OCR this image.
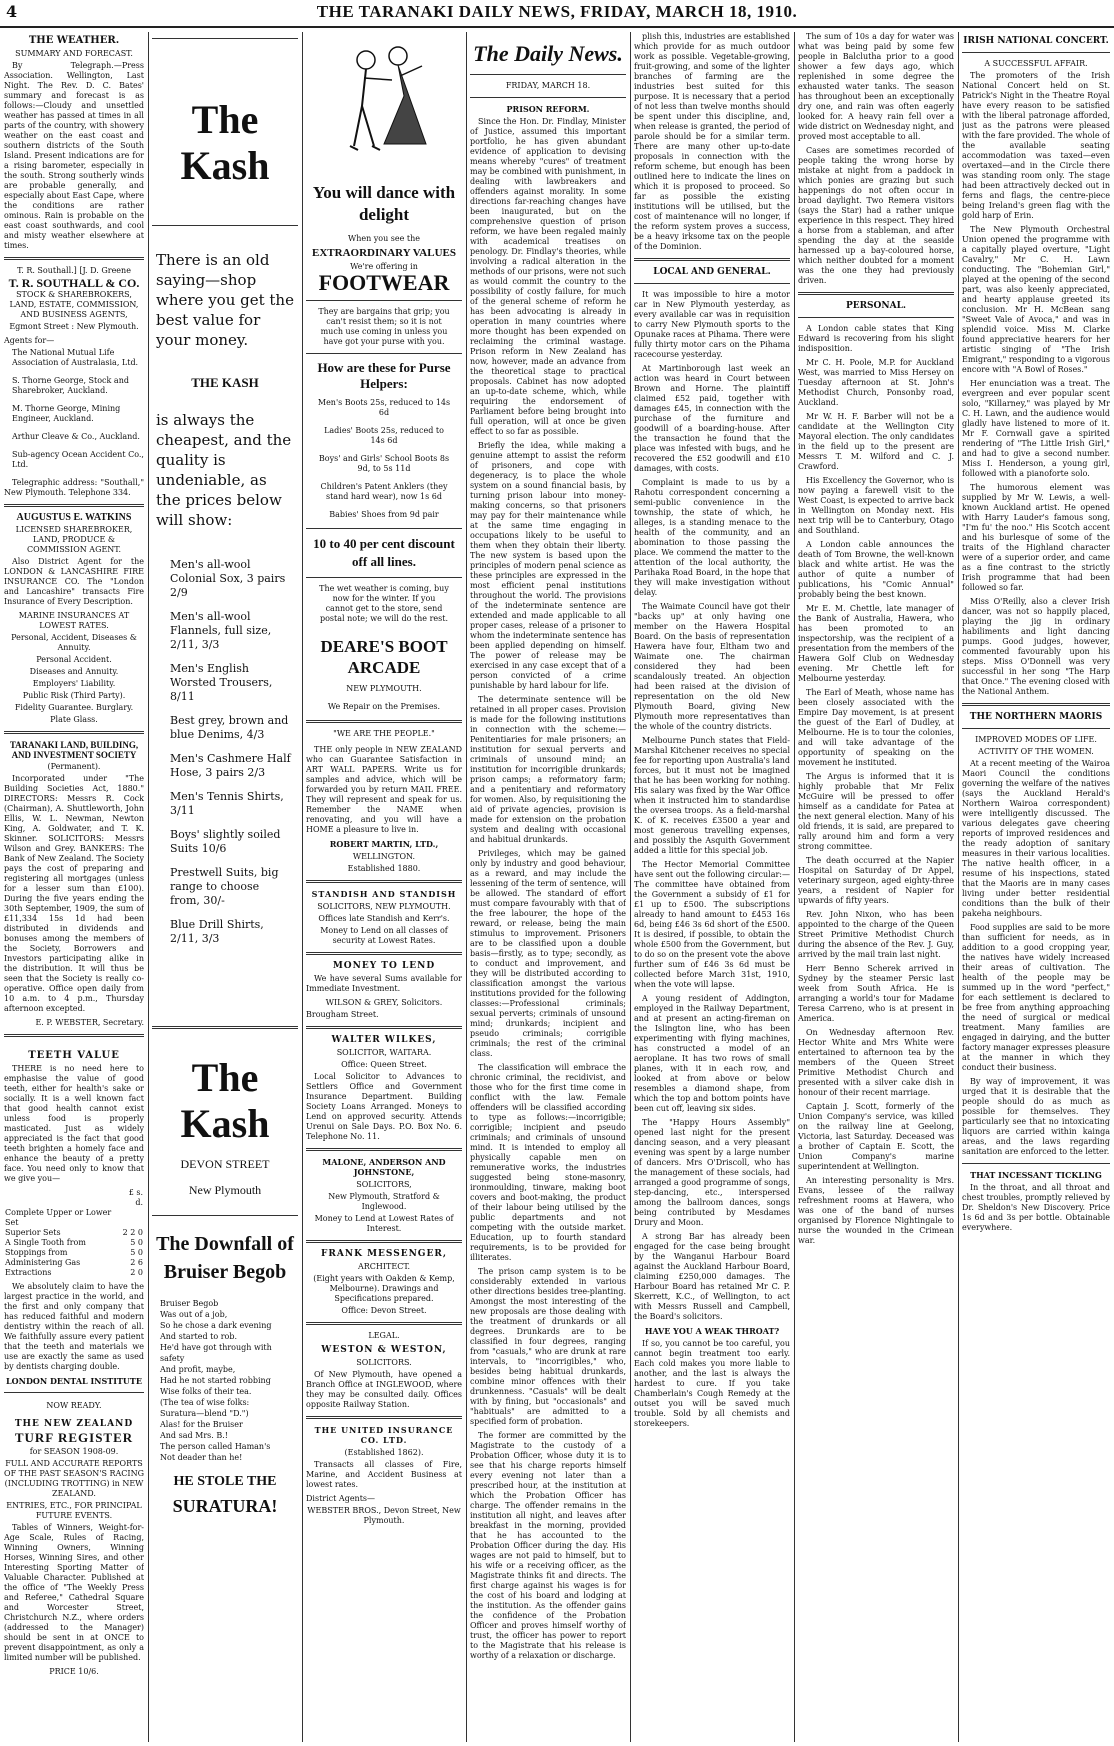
4	THE TARANAKI DAILY NEWS, FRIDAY, MARCH 18, 1910.
THE WEATHER.
SUMMARY AND FORECAST.

By Telegraph.—Press Association. Wellington, Last Night. The Rev. D. C. Bates' summary and forecast is as follows:—Cloudy and unsettled weather has passed at times in all parts of the country, with showery weather on the east coast and southern districts of the South Island. Present indications are for a rising barometer, especially in the south. Strong southerly winds are probable generally, and especially about East Cape, where the conditions are rather ominous. Rain is probable on the east coast southwards, and cool and misty weather elsewhere at times.

T. R. Southall.] [J. D. Greene
T. R. SOUTHALL & CO.
STOCK & SHAREBROKERS, LAND, ESTATE, COMMISSION, AND BUSINESS AGENTS,
Egmont Street : New Plymouth.
Agents for—
The National Mutual Life Association of Australasia, Ltd.
S. Thorne George, Stock and Sharebroker, Auckland.
M. Thorne George, Mining Engineer, Auckland.
Arthur Cleave & Co., Auckland.
Sub-agency Ocean Accident Co., Ltd.

Telegraphic address: "Southall," New Plymouth. Telephone 334.

AUGUSTUS E. WATKINS
LICENSED SHAREBROKER, LAND, PRODUCE & COMMISSION AGENT.

Also District Agent for the LONDON & LANCASHIRE FIRE INSURANCE CO. The "London and Lancashire" transacts Fire Insurance of Every Description.

MARINE INSURANCES AT LOWEST RATES.
Personal, Accident, Diseases & Annuity.
Personal Accident.
Diseases and Annuity.
Employers' Liability.
Public Risk (Third Party).
Fidelity Guarantee. Burglary.
Plate Glass.
TARANAKI LAND, BUILDING, AND INVESTMENT SOCIETY
(Permanent).

Incorporated under "The Building Societies Act, 1880." DIRECTORS: Messrs R. Cock (Chairman), A. Shuttleworth, John Ellis, W. L. Newman, Newton King, A. Goldwater, and T. K. Skinner. SOLICITORS: Messrs Wilson and Grey. BANKERS: The Bank of New Zealand. The Society pays the cost of preparing and registering all mortgages (unless for a lesser sum than £100). During the five years ending the 30th September, 1909, the sum of £11,334 15s 1d had been distributed in dividends and bonuses among the members of the Society, Borrowers and Investors participating alike in the distribution. It will thus be seen that the Society is really co-operative. Office open daily from 10 a.m. to 4 p.m., Thursday afternoon excepted.

E. P. WEBSTER, Secretary.
TEETH VALUE

THERE is no need here to emphasise the value of good teeth, either for health's sake or socially. It is a well known fact that good health cannot exist unless food is properly masticated. Just as widely appreciated is the fact that good teeth brighten a homely face and enhance the beauty of a pretty face. You need only to know that we give you—

	£ s. d.
Complete Upper or Lower Set	
Superior Sets	2 2 0
A Single Tooth from	5 0
Stoppings from	5 0
Administering Gas	2 6
Extractions	2 0

We absolutely claim to have the largest practice in the world, and the first and only company that has reduced faithful and modern dentistry within the reach of all. We faithfully assure every patient that the teeth and materials we use are exactly the same as used by dentists charging double.

LONDON DENTAL INSTITUTE
NOW READY.
THE NEW ZEALAND
TURF REGISTER
for SEASON 1908-09.
FULL AND ACCURATE REPORTS OF THE PAST SEASON'S RACING (INCLUDING TROTTING) in NEW ZEALAND.
ENTRIES, ETC., FOR PRINCIPAL FUTURE EVENTS.

Tables of Winners, Weight-for-Age Scale, Rules of Racing, Winning Owners, Winning Horses, Winning Sires, and other Interesting Sporting Matter of Valuable Character. Published at the office of "The Weekly Press and Referee," Cathedral Square and Worcester Street, Christchurch N.Z., where orders (addressed to the Manager) should be sent in at ONCE to prevent disappointment, as only a limited number will be published.

PRICE 10/6.
The Kash
There is an old saying—shop where you get the best value for your money.
THE KASH
is always the cheapest, and the quality is undeniable, as the prices below will show:
Men's all-wool Colonial Sox, 3 pairs 2/9
Men's all-wool Flannels, full size, 2/11, 3/3
Men's English Worsted Trousers, 8/11
Best grey, brown and blue Denims, 4/3
Men's Cashmere Half Hose, 3 pairs 2/3
Men's Tennis Shirts, 3/11
Boys' slightly soiled Suits 10/6
Prestwell Suits, big range to choose from, 30/-
Blue Drill Shirts, 2/11, 3/3
The Kash
DEVON STREET
New Plymouth
The Downfall of Bruiser Begob
Bruiser Begob
Was out of a job,
So he chose a dark evening
And started to rob.
He'd have got through with safety
And profit, maybe,
Had he not started robbing
Wise folks of their tea.
(The tea of wise folks:
Suratura—blend "D.")
Alas! for the Bruiser
And sad Mrs. B.!
The person called Haman's
Not deader than he!
HE STOLE THE
SURATURA!
You will dance with delight
When you see the
EXTRAORDINARY VALUES
We're offering in
FOOTWEAR
They are bargains that grip; you can't resist them; so it is not much use coming in unless you have got your purse with you.
How are these for Purse Helpers:
Men's Boots 25s, reduced to 14s 6d
Ladies' Boots 25s, reduced to 14s 6d
Boys' and Girls' School Boots 8s 9d, to 5s 11d
Children's Patent Anklers (they stand hard wear), now 1s 6d
Babies' Shoes from 9d pair
10 to 40 per cent discount off all lines.
The wet weather is coming, buy now for the winter. If you cannot get to the store, send postal note; we will do the rest.
DEARE'S BOOT ARCADE
NEW PLYMOUTH.
We Repair on the Premises.
"WE ARE THE PEOPLE."

THE only people in NEW ZEALAND who can Guarantee Satisfaction in ART WALL PAPERS. Write us for samples and advice, which will be forwarded you by return MAIL FREE. They will represent and speak for us. Remember the NAME when renovating, and you will have a HOME a pleasure to live in.

ROBERT MARTIN, LTD.,
WELLINGTON.
Established 1880.
STANDISH AND STANDISH
SOLICITORS, NEW PLYMOUTH.
Offices late Standish and Kerr's.
Money to Lend on all classes of security at Lowest Rates.
MONEY TO LEND

We have several Sums available for Immediate Investment.

WILSON & GREY, Solicitors.
Brougham Street.
WALTER WILKES,
SOLICITOR, WAITARA.
Office: Queen Street.

Local Solicitor to Advances to Settlers Office and Government Insurance Department. Building Society Loans Arranged. Moneys to Lend on approved security. Attends Urenui on Sale Days. P.O. Box No. 6. Telephone No. 11.

MALONE, ANDERSON AND JOHNSTONE,
SOLICITORS,
New Plymouth, Stratford & Inglewood.
Money to Lend at Lowest Rates of Interest.
FRANK MESSENGER,
ARCHITECT.
(Eight years with Oakden & Kemp, Melbourne). Drawings and Specifications prepared.
Office: Devon Street.
LEGAL.
WESTON & WESTON,
SOLICITORS.

Of New Plymouth, have opened a Branch Office at INGLEWOOD, where they may be consulted daily. Offices opposite Railway Station.

THE UNITED INSURANCE CO. LTD.
(Established 1862).

Transacts all classes of Fire, Marine, and Accident Business at lowest rates.

District Agents—
WEBSTER BROS., Devon Street, New Plymouth.
The Daily News.
FRIDAY, MARCH 18.
PRISON REFORM.

Since the Hon. Dr. Findlay, Minister of Justice, assumed this important portfolio, he has given abundant evidence of application to devising means whereby "cures" of treatment may be combined with punishment, in dealing with lawbreakers and offenders against morality. In some directions far-reaching changes have been inaugurated, but on the comprehensive question of prison reform, we have been regaled mainly with academical treatises on penology. Dr. Findlay's theories, while involving a radical alteration in the methods of our prisons, were not such as would commit the country to the possibility of costly failure, for much of the general scheme of reform he has been advocating is already in operation in many countries where more thought has been expended on reclaiming the criminal wastage. Prison reform in New Zealand has now, however, made an advance from the theoretical stage to practical proposals. Cabinet has now adopted an up-to-date scheme, which, while requiring the endorsement of Parliament before being brought into full operation, will at once be given effect to so far as possible.

Briefly the idea, while making a genuine attempt to assist the reform of prisoners, and cope with degeneracy, is to place the whole system on a sound financial basis, by turning prison labour into money-making concerns, so that prisoners may pay for their maintenance while at the same time engaging in occupations likely to be useful to them when they obtain their liberty. The new system is based upon the principles of modern penal science as these principles are expressed in the most efficient penal institutions throughout the world. The provisions of the indeterminate sentence are extended and made applicable to all proper cases, release of a prisoner to whom the indeterminate sentence has been applied depending on himself. The power of release may be exercised in any case except that of a person convicted of a crime punishable by hard labour for life.

The determinate sentence will be retained in all proper cases. Provision is made for the following institutions in connection with the scheme:—Penitentiaries for male prisoners; an institution for sexual perverts and criminals of unsound mind; an institution for incorrigible drunkards; prison camps; a reformatory farm; and a penitentiary and reformatory for women. Also, by requisitioning the aid of private agencies, provision is made for extension on the probation system and dealing with occasional and habitual drunkards.

Privileges, which may be gained only by industry and good behaviour, as a reward, and may include the lessening of the term of sentence, will be allowed. The standard of effort must compare favourably with that of the free labourer, the hope of the reward, or release, being the main stimulus to improvement. Prisoners are to be classified upon a double basis—firstly, as to type; secondly, as to conduct and improvement, and they will be distributed according to classification amongst the various institutions provided for the following classes:—Professional criminals; sexual perverts; criminals of unsound mind; drunkards; incipient and pseudo criminals; corrigible criminals; the rest of the criminal class.

The classification will embrace the chronic criminal, the recidivist, and those who for the first time come in conflict with the law. Female offenders will be classified according to type as follows:—incorrigible; corrigible; incipient and pseudo criminals; and criminals of unsound mind. It is intended to employ all physically capable men on remunerative works, the industries suggested being stone-masonry, ironmoulding, tinware, making boot covers and boot-making, the product of their labour being utilised by the public departments and not competing with the outside market. Education, up to fourth standard requirements, is to be provided for illiterates.

The prison camp system is to be considerably extended in various other directions besides tree-planting. Amongst the most interesting of the new proposals are those dealing with the treatment of drunkards or all degrees. Drunkards are to be classified in four degrees, ranging from "casuals," who are drunk at rare intervals, to "incorrigibles," who, besides being habitual drunkards, combine minor offences with their drunkenness. "Casuals" will be dealt with by fining, but "occasionals" and "habituals" are admitted to a specified form of probation.

The former are committed by the Magistrate to the custody of a Probation Officer, whose duty it is to see that his charge reports himself every evening not later than a prescribed hour, at the institution at which the Probation Officer has charge. The offender remains in the institution all night, and leaves after breakfast in the morning, provided that he has accounted to the Probation Officer during the day. His wages are not paid to himself, but to his wife or a receiving officer, as the Magistrate thinks fit and directs. The first charge against his wages is for the cost of his board and lodging at the institution. As the offender gains the confidence of the Probation Officer and proves himself worthy of trust, the officer has power to report to the Magistrate that his release is worthy of a relaxation or discharge.

plish this, industries are established which provide for as much outdoor work as possible. Vegetable-growing, fruit-growing, and some of the lighter branches of farming are the industries best suited for this purpose. It is necessary that a period of not less than twelve months should be spent under this discipline, and, when release is granted, the period of parole should be for a similar term. There are many other up-to-date proposals in connection with the reform scheme, but enough has been outlined here to indicate the lines on which it is proposed to proceed. So far as possible the existing institutions will be utilised, but the cost of maintenance will no longer, if the reform system proves a success, be a heavy irksome tax on the people of the Dominion.

LOCAL AND GENERAL.

It was impossible to hire a motor car in New Plymouth yesterday, as every available car was in requisition to carry New Plymouth sports to the Opunake races at Pihama. There were fully thirty motor cars on the Pihama racecourse yesterday.

At Martinborough last week an action was heard in Court between Brown and Horne. The plaintiff claimed £52 paid, together with damages £45, in connection with the purchase of the furniture and goodwill of a boarding-house. After the transaction he found that the place was infested with bugs, and he recovered the £52 goodwill and £10 damages, with costs.

Complaint is made to us by a Rahotu correspondent concerning a semi-public convenience in the township, the state of which, he alleges, is a standing menace to the health of the community, and an abomination to those passing the place. We commend the matter to the attention of the local authority, the Parihaka Road Board, in the hope that they will make investigation without delay.

The Waimate Council have got their "backs up" at only having one member on the Hawera Hospital Board. On the basis of representation Hawera have four, Eltham two and Waimate one. The chairman considered they had been scandalously treated. An objection had been raised at the division of representation on the old New Plymouth Board, giving New Plymouth more representatives than the whole of the country districts.

Melbourne Punch states that Field-Marshal Kitchener receives no special fee for reporting upon Australia's land forces, but it must not be imagined that he has been working for nothing. His salary was fixed by the War Office when it instructed him to standardise the oversea troops. As a field-marshal K. of K. receives £3500 a year and most generous travelling expenses, and possibly the Asquith Government added a little for this special job.

The Hector Memorial Committee have sent out the following circular:—The committee have obtained from the Government a subsidy of £1 for £1 up to £500. The subscriptions already to hand amount to £453 16s 6d, being £46 3s 6d short of the £500. It is desired, if possible, to obtain the whole £500 from the Government, but to do so on the present vote the above further sum of £46 3s 6d must be collected before March 31st, 1910, when the vote will lapse.

A young resident of Addington, employed in the Railway Department, and at present an acting-fireman on the Islington line, who has been experimenting with flying machines, has constructed a model of an aeroplane. It has two rows of small planes, with it in each row, and looked at from above or below resembles a diamond shape, from which the top and bottom points have been cut off, leaving six sides.

The "Happy Hours Assembly" opened last night for the present dancing season, and a very pleasant evening was spent by a large number of dancers. Mrs O'Driscoll, who has the management of these socials, had arranged a good programme of songs, step-dancing, etc., interspersed among the ballroom dances, songs being contributed by Mesdames Drury and Moon.

A strong Bar has already been engaged for the case being brought by the Wanganui Harbour Board against the Auckland Harbour Board, claiming £250,000 damages. The Harbour Board has retained Mr C. P. Skerrett, K.C., of Wellington, to act with Messrs Russell and Campbell, the Board's solicitors.

HAVE YOU A WEAK THROAT?

If so, you cannot be too careful, you cannot begin treatment too early. Each cold makes you more liable to another, and the last is always the hardest to cure. If you take Chamberlain's Cough Remedy at the outset you will be saved much trouble. Sold by all chemists and storekeepers.

The sum of 10s a day for water was what was being paid by some few people in Balclutha prior to a good shower a few days ago, which replenished in some degree the exhausted water tanks. The season has throughout been an exceptionally dry one, and rain was often eagerly looked for. A heavy rain fell over a wide district on Wednesday night, and proved most acceptable to all.

Cases are sometimes recorded of people taking the wrong horse by mistake at night from a paddock in which ponies are grazing but such happenings do not often occur in broad daylight. Two Remera visitors (says the Star) had a rather unique experience in this respect. They hired a horse from a stableman, and after spending the day at the seaside harnessed up a bay-coloured horse, which neither doubted for a moment was the one they had previously driven.

PERSONAL.

A London cable states that King Edward is recovering from his slight indisposition.

Mr C. H. Poole, M.P. for Auckland West, was married to Miss Hersey on Tuesday afternoon at St. John's Methodist Church, Ponsonby road, Auckland.

Mr W. H. F. Barber will not be a candidate at the Wellington City Mayoral election. The only candidates in the field up to the present are Messrs T. M. Wilford and C. J. Crawford.

His Excellency the Governor, who is now paying a farewell visit to the West Coast, is expected to arrive back in Wellington on Monday next. His next trip will be to Canterbury, Otago and Southland.

A London cable announces the death of Tom Browne, the well-known black and white artist. He was the author of quite a number of publications, his "Comic Annual" probably being the best known.

Mr E. M. Chettle, late manager of the Bank of Australia, Hawera, who has been promoted to an inspectorship, was the recipient of a presentation from the members of the Hawera Golf Club on Wednesday evening. Mr Chettle left for Melbourne yesterday.

The Earl of Meath, whose name has been closely associated with the Empire Day movement, is at present the guest of the Earl of Dudley, at Melbourne. He is to tour the colonies, and will take advantage of the opportunity of speaking on the movement he instituted.

The Argus is informed that it is highly probable that Mr Felix McGuire will be pressed to offer himself as a candidate for Patea at the next general election. Many of his old friends, it is said, are prepared to rally around him and form a very strong committee.

The death occurred at the Napier Hospital on Saturday of Dr Appel, veterinary surgeon, aged eighty-three years, a resident of Napier for upwards of fifty years.

Rev. John Nixon, who has been appointed to the charge of the Queen Street Primitive Methodist Church during the absence of the Rev. J. Guy, arrived by the mail train last night.

Herr Benno Scherek arrived in Sydney by the steamer Persic last week from South Africa. He is arranging a world's tour for Madame Teresa Carreno, who is at present in America.

On Wednesday afternoon Rev. Hector White and Mrs White were entertained to afternoon tea by the members of the Queen Street Primitive Methodist Church and presented with a silver cake dish in honour of their recent marriage.

Captain J. Scott, formerly of the Union Company's service, was killed on the railway line at Geelong, Victoria, last Saturday. Deceased was a brother of Captain E. Scott, the Union Company's marine superintendent at Wellington.

An interesting personality is Mrs. Evans, lessee of the railway refreshment rooms at Hawera, who was one of the band of nurses organised by Florence Nightingale to nurse the wounded in the Crimean war.

IRISH NATIONAL CONCERT.
A SUCCESSFUL AFFAIR.

The promoters of the Irish National Concert held on St. Patrick's Night in the Theatre Royal have every reason to be satisfied with the liberal patronage afforded, just as the patrons were pleased with the fare provided. The whole of the available seating accommodation was taxed—even overtaxed—and in the Circle there was standing room only. The stage had been attractively decked out in ferns and flags, the centre-piece being Ireland's green flag with the gold harp of Erin.

The New Plymouth Orchestral Union opened the programme with a capitally played overture, "Light Cavalry," Mr C. H. Lawn conducting. The "Bohemian Girl," played at the opening of the second part, was also keenly appreciated, and hearty applause greeted its conclusion. Mr H. McBean sang "Sweet Vale of Avoca," and was in splendid voice. Miss M. Clarke found appreciative hearers for her artistic singing of "The Irish Emigrant," responding to a vigorous encore with "A Bowl of Roses."

Her enunciation was a treat. The evergreen and ever popular scent solo, "Killarney," was played by Mr C. H. Lawn, and the audience would gladly have listened to more of it. Mr F. Cornwall gave a spirited rendering of "The Little Irish Girl," and had to give a second number. Miss I. Henderson, a young girl, followed with a pianoforte solo.

The humorous element was supplied by Mr W. Lewis, a well-known Auckland artist. He opened with Harry Lauder's famous song, "I'm fu' the noo." His Scotch accent and his burlesque of some of the traits of the Highland character were of a superior order, and came as a fine contrast to the strictly Irish programme that had been followed so far.

Miss O'Reilly, also a clever Irish dancer, was not so happily placed, playing the jig in ordinary habiliments and light dancing pumps. Good judges, however, commented favourably upon his steps. Miss O'Donnell was very successful in her song "The Harp that Once." The evening closed with the National Anthem.

THE NORTHERN MAORIS
IMPROVED MODES OF LIFE.
ACTIVITY OF THE WOMEN.

At a recent meeting of the Wairoa Maori Council the conditions governing the welfare of the natives (says the Auckland Herald's Northern Wairoa correspondent) were intelligently discussed. The various delegates gave cheering reports of improved residences and the ready adoption of sanitary measures in their various localities. The native health officer, in a resume of his inspections, stated that the Maoris are in many cases living under better residential conditions than the bulk of their pakeha neighbours.

Food supplies are said to be more than sufficient for needs, as in addition to a good cropping year, the natives have widely increased their areas of cultivation. The health of the people may be summed up in the word "perfect," for each settlement is declared to be free from anything approaching the need of surgical or medical treatment. Many families are engaged in dairying, and the butter factory manager expresses pleasure at the manner in which they conduct their business.

By way of improvement, it was urged that it is desirable that the people should do as much as possible for themselves. They particularly see that no intoxicating liquors are carried within kainga areas, and the laws regarding sanitation are enforced to the letter.

THAT INCESSANT TICKLING

In the throat, and all throat and chest troubles, promptly relieved by Dr. Sheldon's New Discovery. Price 1s 6d and 3s per bottle. Obtainable everywhere.
